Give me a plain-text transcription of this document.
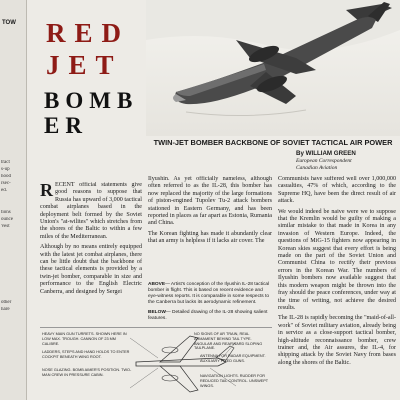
TOW
tract
s-up
hood
rsec-
ed.
tions
ounce
Vest
other
hare
RED
JET
BOMBER
TWIN-JET BOMBER BACKBONE OF SOVIET TACTICAL AIR POWER
By WILLIAM GREEN
European Correspondent
Canadian Aviation

RECENT official statements give good reasons to suppose that Russia has upward of 3,000 tactical combat airplanes based in the deployment belt formed by the Soviet Union's "at-wilites" which stretches from the shores of the Baltic to within a few miles of the Mediterranean.

Although by no means entirely equipped with the latest jet combat airplanes, there can be little doubt that the backbone of these tactical elements is provided by a twin-jet bomber, comparable in size and performance to the English Electric Canberra, and designed by Sergei

Ilyushin. As yet officially nameless, although often referred to as the IL-28, this bomber has now replaced the majority of the large formations of piston-engined Tupolev Tu-2 attack bombers stationed in Eastern Germany, and has been reported in places as far apart as Estonia, Rumania and China.

The Korean fighting has made it abundantly clear that an army is helpless if it lacks air cover. The

ABOVE— Artist's conception of the Ilyushin IL-28 tactical bomber in flight. This is based on recent evidence and eye-witness reports. It is comparable in some respects to the Canberra but lacks its aerodynamic refinement.

BELOW— Detailed drawing of the IL-28 showing salient features.

Communists have suffered well over 1,000,000 casualties, 47% of which, according to the Supreme HQ, have been the direct result of air attack.

We would indeed be naive were we to suppose that the Kremlin would be guilty of making a similar mistake to that made in Korea in any invasion of Western Europe. Indeed, the questions of MiG-15 fighters now appearing in Korean skies suggest that every effort is being made on the part of the Soviet Union and Communist China to rectify their previous errors in the Korean War. The numbers of Ilyushin bombers now available suggest that this modern weapon might be thrown into the fray should the peace conferences, under way at the time of writing, not achieve the desired results.

The IL-28 is rapidly becoming the "maid-of-all-work" of Soviet military aviation, already being in service as a close-support tactical bomber, high-altitude reconnaissance bomber, crew trainer and, the Air assures, the IL-4, for shipping attack by the Soviet Navy from bases along the shores of the Baltic.

HEAVY MAIN GUN TURRETS. SHOWN HERE IN LOW MAX. TROUGH. CANNON OF 23 MM CALIBRE.
LADDERS, STEPS AND HAND HOLDS TO ENTER COCKPIT BENEATH WING ROOT.
NOSE GLAZING. BOMB AIMER'S POSITION. TWO-MAN CREW IN PRESSURE CABIN.
NO SIGNS OF AR TRAIN, REAL ARMAMENT BEHIND TAIL TYPE. ANGULAR AND REARWARD SLOPING TAILPLANE.
ANTENNA FOR RADAR EQUIPMENT. AUXILIARY FIXED GUNS.
NAVIGATION LIGHTS. RUDDER FOR REDUCED TAIL CONTROL. UNSWEPT WINGS.
